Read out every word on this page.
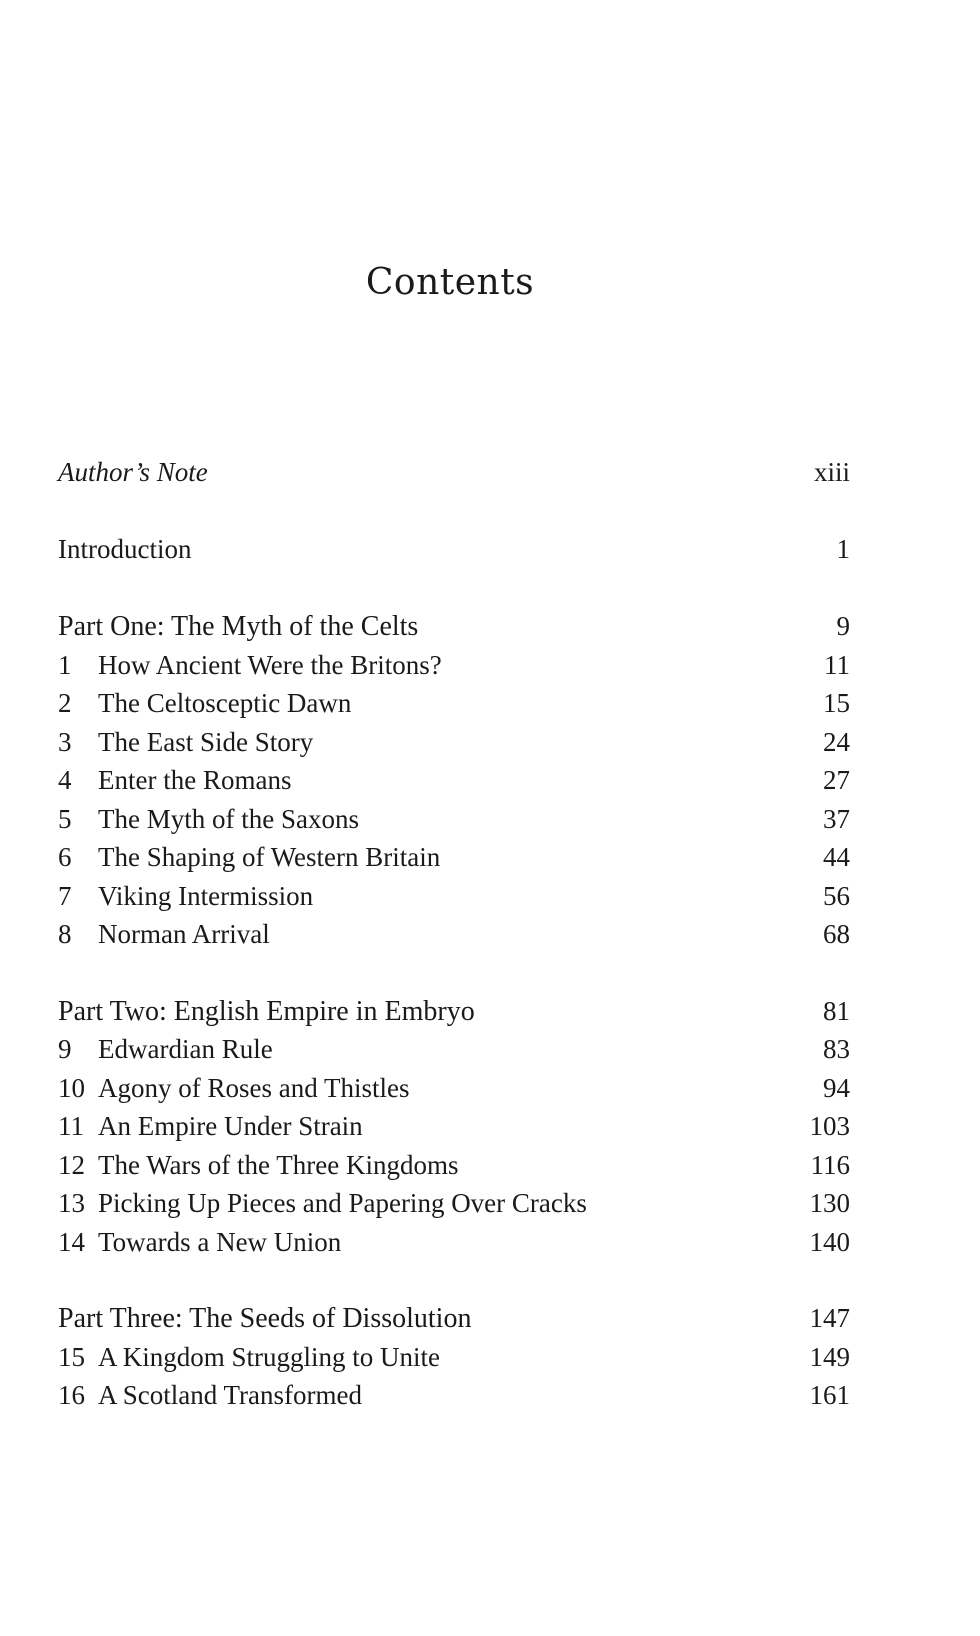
Contents
Author’s Note	xiii
Introduction	1
Part One: The Myth of the Celts	9
1 How Ancient Were the Britons?	11
2 The Celtosceptic Dawn	15
3 The East Side Story	24
4 Enter the Romans	27
5 The Myth of the Saxons	37
6 The Shaping of Western Britain	44
7 Viking Intermission	56
8 Norman Arrival	68
Part Two: English Empire in Embryo	81
9 Edwardian Rule	83
10 Agony of Roses and Thistles	94
11 An Empire Under Strain	103
12 The Wars of the Three Kingdoms	116
13 Picking Up Pieces and Papering Over Cracks	130
14 Towards a New Union	140
Part Three: The Seeds of Dissolution	147
15 A Kingdom Struggling to Unite	149
16 A Scotland Transformed	161
